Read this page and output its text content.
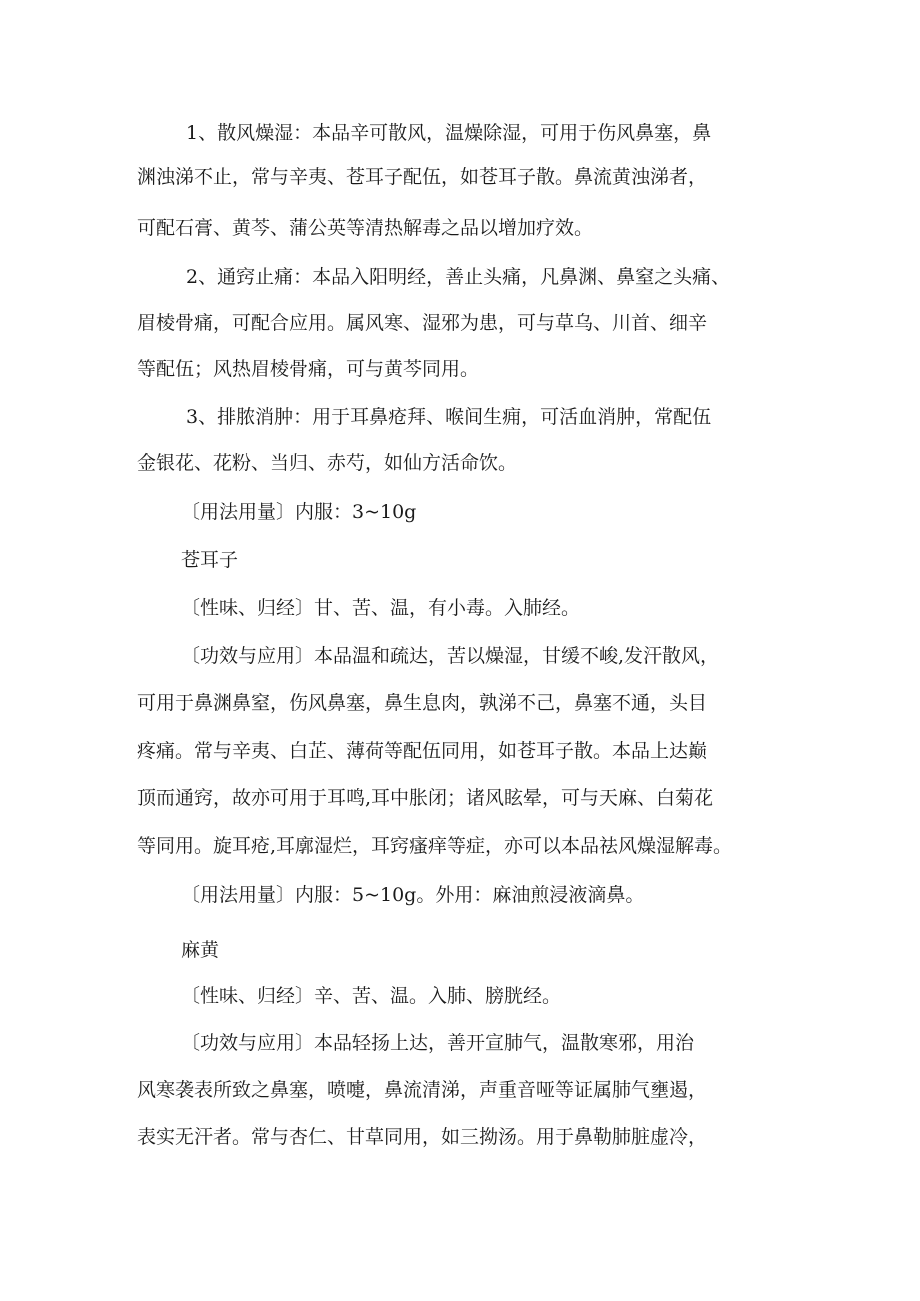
1、散风燥湿：本品辛可散风，温燥除湿，可用于伤风鼻塞，鼻
渊浊涕不止，常与辛夷、苍耳子配伍，如苍耳子散。鼻流黄浊涕者，
可配石膏、黄芩、蒲公英等清热解毒之品以增加疗效。
2、通窍止痛：本品入阳明经，善止头痛，凡鼻渊、鼻窒之头痛、
眉棱骨痛，可配合应用。属风寒、湿邪为患，可与草乌、川首、细辛
等配伍；风热眉棱骨痛，可与黄芩同用。
3、排脓消肿：用于耳鼻疮拜、喉间生痈，可活血消肿，常配伍
金银花、花粉、当归、赤芍，如仙方活命饮。
〔用法用量〕内服：3~10g
苍耳子
〔性味、归经〕甘、苦、温，有小毒。入肺经。
〔功效与应用〕本品温和疏达，苦以燥湿，甘缓不峻,发汗散风，
可用于鼻渊鼻窒，伤风鼻塞，鼻生息肉，孰涕不己，鼻塞不通，头目
疼痛。常与辛夷、白芷、薄荷等配伍同用，如苍耳子散。本品上达巅
顶而通窍，故亦可用于耳鸣,耳中胀闭；诸风眩晕，可与天麻、白菊花
等同用。旋耳疮,耳廓湿烂，耳窍瘙痒等症，亦可以本品祛风燥湿解毒。
〔用法用量〕内服：5~10g。外用：麻油煎浸液滴鼻。
麻黄
〔性味、归经〕辛、苦、温。入肺、膀胱经。
〔功效与应用〕本品轻扬上达，善开宣肺气，温散寒邪，用治
风寒袭表所致之鼻塞，喷嚏，鼻流清涕，声重音哑等证属肺气壅遏，
表实无汗者。常与杏仁、甘草同用，如三拗汤。用于鼻勒肺脏虚冷，
